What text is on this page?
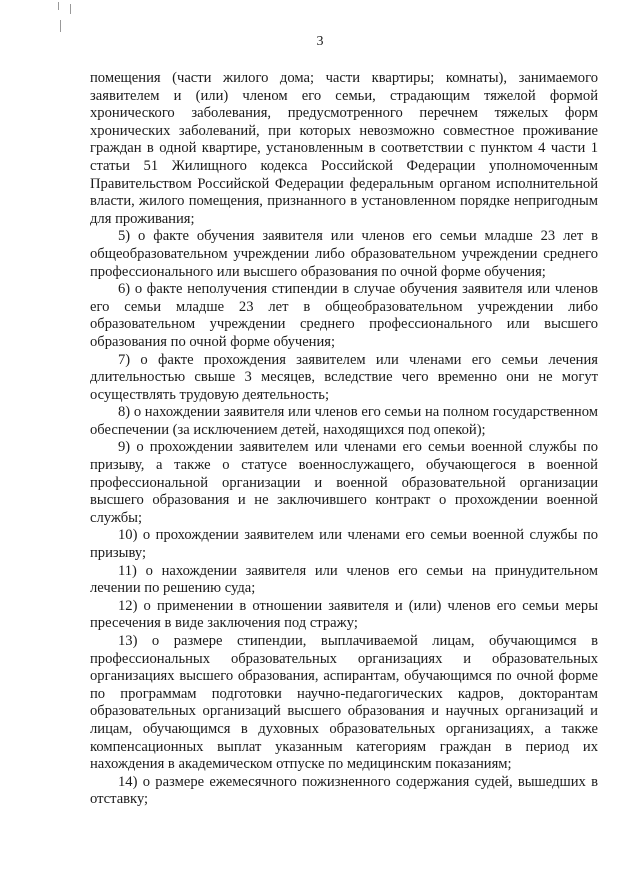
3

помещения (части жилого дома; части квартиры; комнаты), занимаемого заявителем и (или) членом его семьи, страдающим тяжелой формой хронического заболевания, предусмотренного перечнем тяжелых форм хронических заболеваний, при которых невозможно совместное проживание граждан в одной квартире, установленным в соответствии с пунктом 4 части 1 статьи 51 Жилищного кодекса Российской Федерации уполномоченным Правительством Российской Федерации федеральным органом исполнительной власти, жилого помещения, признанного в установленном порядке непригодным для проживания;

5) о факте обучения заявителя или членов его семьи младше 23 лет в общеобразовательном учреждении либо образовательном учреждении среднего профессионального или высшего образования по очной форме обучения;

6) о факте неполучения стипендии в случае обучения заявителя или членов его семьи младше 23 лет в общеобразовательном учреждении либо образовательном учреждении среднего профессионального или высшего образования по очной форме обучения;

7) о факте прохождения заявителем или членами его семьи лечения длительностью свыше 3 месяцев, вследствие чего временно они не могут осуществлять трудовую деятельность;

8) о нахождении заявителя или членов его семьи на полном государственном обеспечении (за исключением детей, находящихся под опекой);

9) о прохождении заявителем или членами его семьи военной службы по призыву, а также о статусе военнослужащего, обучающегося в военной профессиональной организации и военной образовательной организации высшего образования и не заключившего контракт о прохождении военной службы;

10) о прохождении заявителем или членами его семьи военной службы по призыву;

11) о нахождении заявителя или членов его семьи на принудительном лечении по решению суда;

12) о применении в отношении заявителя и (или) членов его семьи меры пресечения в виде заключения под стражу;

13) о размере стипендии, выплачиваемой лицам, обучающимся в профессиональных образовательных организациях и образовательных организациях высшего образования, аспирантам, обучающимся по очной форме по программам подготовки научно-педагогических кадров, докторантам образовательных организаций высшего образования и научных организаций и лицам, обучающимся в духовных образовательных организациях, а также компенсационных выплат указанным категориям граждан в период их нахождения в академическом отпуске по медицинским показаниям;

14) о размере ежемесячного пожизненного содержания судей, вышедших в отставку;
